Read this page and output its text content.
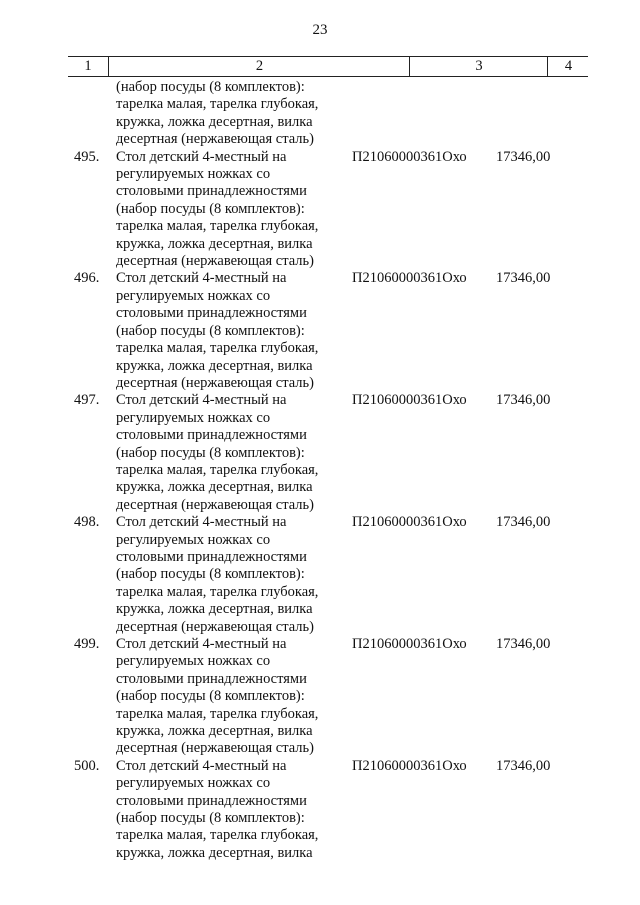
23
1	2	3	4
(набор посуды (8 комплектов):
тарелка малая, тарелка глубокая,
кружка, ложка десертная, вилка
десертная (нержавеющая сталь)
495.	Стол детский 4-местный на
регулируемых ножках со
столовыми принадлежностями
(набор посуды (8 комплектов):
тарелка малая, тарелка глубокая,
кружка, ложка десертная, вилка
десертная (нержавеющая сталь)
П21060000361Охо	17346,00
496.	Стол детский 4-местный на
регулируемых ножках со
столовыми принадлежностями
(набор посуды (8 комплектов):
тарелка малая, тарелка глубокая,
кружка, ложка десертная, вилка
десертная (нержавеющая сталь)
П21060000361Охо	17346,00
497.	Стол детский 4-местный на
регулируемых ножках со
столовыми принадлежностями
(набор посуды (8 комплектов):
тарелка малая, тарелка глубокая,
кружка, ложка десертная, вилка
десертная (нержавеющая сталь)
П21060000361Охо	17346,00
498.	Стол детский 4-местный на
регулируемых ножках со
столовыми принадлежностями
(набор посуды (8 комплектов):
тарелка малая, тарелка глубокая,
кружка, ложка десертная, вилка
десертная (нержавеющая сталь)
П21060000361Охо	17346,00
499.	Стол детский 4-местный на
регулируемых ножках со
столовыми принадлежностями
(набор посуды (8 комплектов):
тарелка малая, тарелка глубокая,
кружка, ложка десертная, вилка
десертная (нержавеющая сталь)
П21060000361Охо	17346,00
500.	Стол детский 4-местный на
регулируемых ножках со
столовыми принадлежностями
(набор посуды (8 комплектов):
тарелка малая, тарелка глубокая,
кружка, ложка десертная, вилка
П21060000361Охо	17346,00
